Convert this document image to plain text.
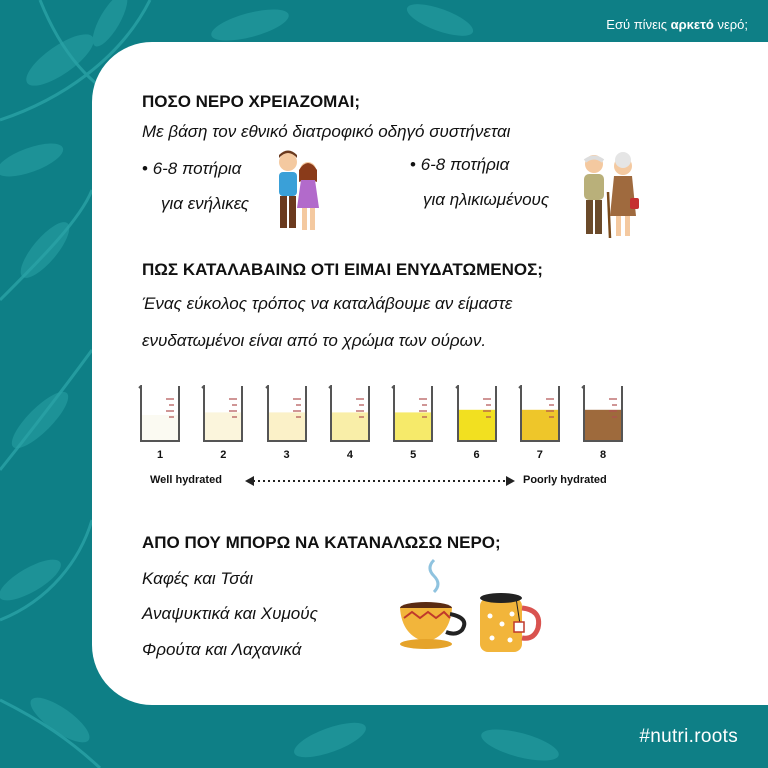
Εσύ πίνεις αρκετό νερό;
ΠΟΣΟ ΝΕΡΟ ΧΡΕΙΑΖΟΜΑΙ;
Με βάση τον εθνικό διατροφικό οδηγό συστήνεται
• 6-8 ποτήρια
για ενήλικες
• 6-8 ποτήρια
για ηλικιωμένους
ΠΩΣ ΚΑΤΑΛΑΒΑΙΝΩ ΟΤΙ ΕΙΜΑΙ ΕΝΥΔΑΤΩΜΕΝΟΣ;
Ένας εύκολος τρόπος να καταλάβουμε αν είμαστε
ενυδατωμένοι είναι από το χρώμα των ούρων.
1	2	3	4	5	6	7	8
Well hydrated	Poorly hydrated
ΑΠΟ ΠΟΥ ΜΠΟΡΩ ΝΑ ΚΑΤΑΝΑΛΩΣΩ ΝΕΡΟ;
Καφές και Τσάι
Αναψυκτικά και Χυμούς
Φρούτα και Λαχανικά
#nutri.roots
